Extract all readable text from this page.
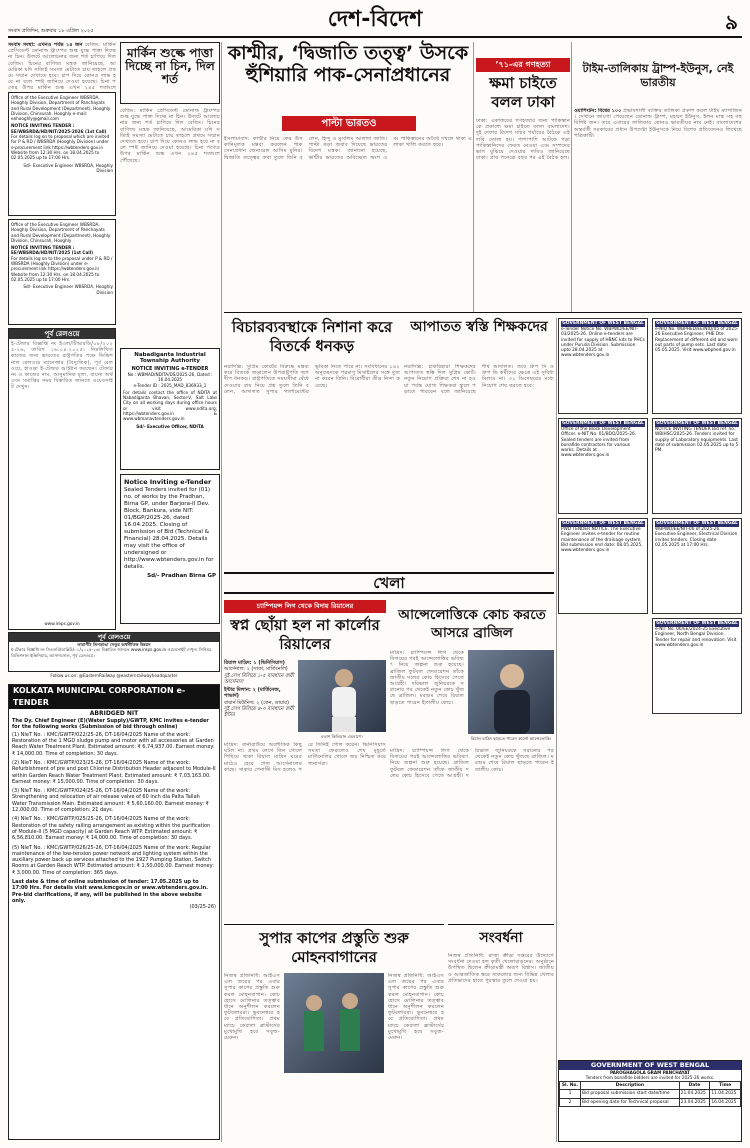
সংবাদ প্রতিদিন, শুক্রবার ১৮ এপ্রিল ২০২৫	দেশ-বিদেশ	৯
সংবাদ সংস্থা: এখনও পর্যন্ত ১৪ জন বেজিং: মার্কিন প্রেসিডেন্ট ডোনাল্ড ট্রাম্পের শুল্ক যুদ্ধে পাত্তা দিচ্ছে না চিন। উলটে আলোচনার জন্য শর্ত চাপিয়ে দিল বেজিং। চিনের বাণিজ্য মন্ত্রক জানিয়েছে, আমেরিকা যদি সত্যিই সমস্যা মেটাতে চায় তাহলে প্রথমে সম্মান দেখাতে হবে। চাপ দিয়ে কোনও লাভ হবে না বলে স্পষ্ট জানিয়ে দেওয়া হয়েছে। চিনা পণ্যের উপর মার্কিন শুল্ক এখন ২৪৫ শতাংশে
Office of the Executive Engineer WBSRDA, Hooghly Division, Department of Panchayats and Rural Development (Department), Hooghly Division, Chinsurah, Hooghly e-mail: eehooghly@gmail.com
NOTICE INVITING TENDER : EE/WBSRDA/HD/NIT/2025-2026 (1st Call)
For details log on to proposal which are invited for P & RD / WBSRDA (Hooghly Division) under e-procurement link https://wbtenders.gov.in Website from 12:30 Hrs. on 18.04.2025 to 02.05.2025 up to 17:00 Hrs.
Sd/- Executive Engineer WBSRDA, Hooghly Division
Office of the Executive Engineer WBSRDA, Hooghly Division, Department of Panchayats and Rural Development (Department), Hooghly Division, Chinsurah, Hooghly
NOTICE INVITING TENDER : EE/WBSRDA/HD/NIT/2025 (1st Call)
For details log on to the proposal under P & RD / WBSRDA (Hooghly Division) under e-procurement link https://wbtenders.gov.in Website from 12:30 Hrs. on 18.04.2025 to 02.05.2025 up to 17:00 Hrs.
Sd/- Executive Engineer WBSRDA, Hooghly Division
পূর্ব রেলওয়ে
ই-টেন্ডার বিজ্ঞপ্তি নং ইএল/টিআরডি/০৮/২০২৫-২৬, তারিখ ১৬.০৪.২০২৫। নিম্নলিখিত কাজের জন্য ভারতের রাষ্ট্রপতির পক্ষে ডিভিশনাল রেলওয়ে ম্যানেজার (বৈদ্যুতিক), পূর্ব রেলওয়ে, হাওড়া ই-টেন্ডার আহ্বান করছেন। টেন্ডার নং ও কাজের নাম, আনুমানিক মূল্য, বায়না অর্থ এবং সমাপ্তির সময় বিস্তারিত জানতে ওয়েবসাইট দেখুন।
www.ireps.gov.in
মার্কিন শুল্কে পাত্তা দিচ্ছে না চিন, দিল শর্ত
বেজিং: মার্কিন প্রেসিডেন্ট ডোনাল্ড ট্রাম্পের শুল্ক যুদ্ধে পাত্তা দিচ্ছে না চিন। উলটে আলোচনার জন্য শর্ত চাপিয়ে দিল বেজিং। চিনের বাণিজ্য মন্ত্রক জানিয়েছে, আমেরিকা যদি সত্যিই সমস্যা মেটাতে চায় তাহলে প্রথমে সম্মান দেখাতে হবে। চাপ দিয়ে কোনও লাভ হবে না বলে স্পষ্ট জানিয়ে দেওয়া হয়েছে। চিনা পণ্যের উপর মার্কিন শুল্ক এখন ২৪৫ শতাংশে পৌঁছেছে।
Nabadiganta Industrial Township Authority
NOTICE INVITING e-TENDER
No : WBMAD/NDITA/DS/2025-26, Dated : 16.04.2025
e-Tender ID : 2025_MAD_836933_1
For details contact the office of NDITA at Nabadiganta Bhavan, Sector-V, Salt Lake City on all working days during office hours or visit www.ndita.org, https://wbtenders.gov.in & www.wbmanavtenders.gov.in
Sd/- Executive Officer, NDITA
Notice Inviting e-Tender
Sealed Tenders invited for (01) no. of works by the Pradhan, Birna GP, under Barjora-II Dev. Block, Bankura, vide NIT: 01/BGP/2025-26, dated 16.04.2025. Closing of submission of Bid (Technical & Financial) 28.04.2025. Details may visit the office of undersigned or http://www.wbtenders.gov.in for details.
Sd/- Pradhan Birna GP
পূর্ব রেলওয়ে
তারাপীঠ তিনডাঙা সেতুর অর্থনীতিক উন্নয়ন
ই-টেন্ডার বিজ্ঞপ্তি নং সিএলবি/ডাব্লিউ/০১/২০২৫-২৬। বিস্তারিত জানতে www.ireps.gov.in ওয়েবসাইট দেখুন। সিনিয়র ডিভিশনাল ইঞ্জিনিয়ার, আসানসোল, পূর্ব রেলওয়ে।
Follow us on: @EasternRailway @easternrailwayheadquarter
KOLKATA MUNICIPAL CORPORATION e-TENDER
ABRIDGED NIT
The Dy. Chief Engineer (E)(Water Supply)/GWTP, KMC invites e-tender for the following works (Submission of bid through online)
(1) NIeT No. : KMC/GWTP/022/25-26, DT-16/04/2025 Name of the work: Restoration of the 1 MGD sludge pump and motor with all accessories at Garden Reach Water Treatment Plant. Estimated amount: ₹ 6,74,937.00. Earnest money: ₹ 14,000.00. Time of completion: 30 days.
(2) NIeT No. : KMC/GWTP/023/25-26, DT-16/04/2025 Name of the work: Refurbishment of pre and post Chlorine Distribution Header adjacent to Module-II within Garden Reach Water Treatment Plant. Estimated amount: ₹ 7,03,163.00. Earnest money: ₹ 15,000.00. Time of completion: 30 days.
(3) NIeT No. : KMC/GWTP/024/25-26, DT-16/04/2025 Name of the work: Strengthening and relocation of air release valve of 60 inch dia Palta Tallah Water Transmission Main. Estimated amount: ₹ 5,60,160.00. Earnest money: ₹ 12,000.00. Time of completion: 21 days.
(4) NIeT No. : KMC/GWTP/025/25-26, DT-16/04/2025 Name of the work: Restoration of the safety railing arrangement as existing within the purification of Module-II (5 MGD capacity) at Garden Reach WTP. Estimated amount: ₹ 6,56,810.00. Earnest money: ₹ 14,000.00. Time of completion: 30 days.
(5) NIeT No. : KMC/GWTP/026/25-26, DT-16/04/2025 Name of the work: Regular maintenance of the low-tension power network and lighting system within the auxiliary power back up services attached to the 1927 Pumping Station, Switch Rooms at Garden Reach WTP. Estimated amount: ₹ 1,50,000.00. Earnest money: ₹ 3,000.00. Time of completion: 365 days.
Last date & time of online submission of tender: 17.05.2025 up to 17:00 Hrs. For details visit www.kmcgov.in or www.wbtenders.gov.in. Pre-bid clarifications, if any, will be published in the above website only.
(03/25-26)
কাশ্মীর, ‘দ্বিজাতি তত্ত্ব’ উসকে হুঁশিয়ারি পাক-সেনাপ্রধানের
পাল্টা ভারতও
ইসলামাবাদ: কাশ্মীর নিয়ে ফের উসকানিমূলক মন্তব্য করলেন পাক সেনাপ্রধান জেনারেল আসিম মুনির। দ্বিজাতি তত্ত্বের কথা তুলে তিনি বলেন, হিন্দু ও মুসলিম আলাদা জাতি। পাল্টা কড়া জবাব দিয়েছে ভারতের বিদেশ মন্ত্রক। জানানো হয়েছে, কাশ্মীর ভারতের অবিচ্ছেদ্য অংশ এবং পাকিস্তানের অবৈধ দখলে থাকা এলাকা খালি করতে হবে।
’৭১-এর গণহত্যা
ক্ষমা চাইতে বলল ঢাকা
ঢাকা: একাত্তরের গণহত্যার জন্য পাকিস্তানকে প্রকাশ্যে ক্ষমা চাইতে বলল বাংলাদেশ। দুই দেশের বিদেশ সচিব পর্যায়ের বৈঠকে এই দাবি তোলা হয়। পাশাপাশি আটকে পড়া পাকিস্তানিদের ফেরত নেওয়া এবং সম্পদের ভাগ বুঝিয়ে দেওয়ার দাবিও জানিয়েছে ঢাকা। প্রায় পনেরো বছর পর এই বৈঠক হল।
টাইম-তালিকায় ট্রাম্প-ইউনুস, নেই ভারতীয়
ওয়াশিংটন: বিশ্বের ১০০ প্রভাবশালী ব্যক্তির তালিকা প্রকাশ করল টাইম ম্যাগাজিন। সেখানে জায়গা পেয়েছেন ডোনাল্ড ট্রাম্প, মহম্মদ ইউনুস, ইলন মাস্ক সহ বহু বিশিষ্ট জন। তবে এবারের তালিকায় কোনও ভারতীয়র নাম নেই। বাংলাদেশের অন্তর্বর্তী সরকারের প্রধান উপদেষ্টা ইউনুসকে নিয়ে বিশেষ প্রতিবেদনও লিখেছে পত্রিকাটি।
GOVERNMENT OF WEST BENGAL
e-Tender Notice No. WBPWD/EE/NIT-03/2025-26. Online e-tenders are invited for supply of HBNC kits to PHCs under Purulia Division. Submission upto 28.04.2025 at www.wbtenders.gov.in
GOVERNMENT OF WEST BENGAL
e-NIQ No. WBPHED/EE/NIQ/05 of 2025-26 Executive Engineer, PHE Dte. Replacement of different old and worn out parts of pump sets. Last date 05.05.2025. Visit www.wbphed.gov.in
GOVERNMENT OF WEST BENGAL
Office of the Block Development Officer. e-NIT No. 01/BDO/2025-26. Sealed tenders are invited from bonafide contractors for various works. Details at www.wbtenders.gov.in
GOVERNMENT OF WEST BENGAL
NOTICE INVITING TENDER Bid ref. no.: WBIHSC/2025-26. Tenders invited for supply of Laboratory equipments. Last date of submission 02.05.2025 up to 5 PM.
GOVERNMENT OF WEST BENGAL
PWD TENDER NOTICE. The Executive Engineer invites e-tender for routine maintenance of the drainage system. Bid submission end date: 08.05.2025. www.wbtenders.gov.in
GOVERNMENT OF WEST BENGAL
WBPWD/EE/NIT-06 of 2025-26. Executive Engineer, Electrical Division invites tenders. Closing date 02.05.2025 at 17:00 Hrs.
GOVERNMENT OF WEST BENGAL
e-NIT No. 06/EE/2024-25 Executive Engineer, North Bengal Division. Tender for repair and renovation. Visit www.wbtenders.gov.in
বিচারব্যবস্থাকে নিশানা করে বিতর্কে ধনকড়
নয়াদিল্লি: সুপ্রিম কোর্টের বিরুদ্ধে মন্তব্য করে বিতর্কে জড়ালেন উপরাষ্ট্রপতি জগদীপ ধনকড়। রাষ্ট্রপতিকে সময়সীমা বেঁধে দেওয়ার রায় নিয়ে প্রশ্ন তুলে তিনি বলেন, আদালত সুপার পার্লামেন্টের ভূমিকা নিতে পারে না। সংবিধানের ১৪২ অনুচ্ছেদকে পরমাণু মিসাইলের সঙ্গে তুলনা করেন তিনি। বিরোধীরা তীব্র নিন্দা করেছে।
আপাতত স্বস্তি শিক্ষকদের
নয়াদিল্লি: চাকরিহারা শিক্ষকদের আপাতত স্বস্তি দিল সুপ্রিম কোর্ট। নতুন নিয়োগ প্রক্রিয়া শেষ না হওয়া পর্যন্ত যোগ্য শিক্ষকরা স্কুলে পড়াতে পারবেন বলে জানিয়েছে শীর্ষ আদালত। তবে গ্রুপ সি ও গ্রুপ ডি কর্মীদের ক্ষেত্রে এই সুবিধা মিলবে না। ৩১ ডিসেম্বরের মধ্যে নিয়োগ শেষ করতে হবে।
খেলা
চ্যাম্পিয়ন্স লিগ থেকে বিদায় রিয়ালের
স্বপ্ন ছোঁয়া হল না কার্লোর রিয়ালের
রিয়াল মাদ্রিদ: ১ (ভিনিসিয়াস)
আর্সেনাল: ২ (সাকা, মার্তিনেলি)
দুই লেগ মিলিয়ে ১-৫ ব্যবধানে জয়ী আর্সেনাল
ইন্টার মিলান: ২ (মার্তিনেজ, পাভার্দ)
বায়ার্ন মিউনিখ: ২ (কেন, ডায়ার)
দুই লেগ মিলিয়ে ৪-৩ ব্যবধানে জয়ী ইন্টার
হতাশ কিলিয়ান এমবাপে।
মাদ্রিদ: বার্নাবাউয়ে অলৌকিক কিছু ঘটল না। প্রথম লেগে তিন গোলে পিছিয়ে থাকা রিয়াল মাদ্রিদ ঘরের মাঠেও হেরে গেল আর্সেনালের কাছে। সাকার পেনাল্টি মিস হলেও পরে তিনিই গোল করেন। ভিনিসিয়াস সমতা ফেরালেও শেষ মুহূর্তে মার্তিনেলির গোলে জয় নিশ্চিত করে গানার্সরা।
আন্সেলোত্তিকে কোচ করতে আসরে ব্রাজিল
মাদ্রিদ: চ্যাম্পিয়ন্স লিগ থেকে বিদায়ের পরই আন্সেলোত্তির ভবিষ্যৎ নিয়ে জল্পনা শুরু হয়েছে। ব্রাজিল ফুটবল ফেডারেশন তাঁকে জাতীয় দলের কোচ হিসেবে পেতে আগ্রহী। দরিভাল জুনিয়রকে সরানোর পর থেকেই নতুন কোচ খুঁজছে ব্রাজিল। মরশুম শেষে রিয়াল ছাড়তে পারেন ইতালীয় কোচ।
রিয়াল মাদ্রিদ ছাড়তে পারেন কার্লো আন্সেলোত্তি।
মাদ্রিদ: চ্যাম্পিয়ন্স লিগ থেকে বিদায়ের পরই আন্সেলোত্তির ভবিষ্যৎ নিয়ে জল্পনা শুরু হয়েছে। ব্রাজিল ফুটবল ফেডারেশন তাঁকে জাতীয় দলের কোচ হিসেবে পেতে আগ্রহী। দরিভাল জুনিয়রকে সরানোর পর থেকেই নতুন কোচ খুঁজছে ব্রাজিল। মরশুম শেষে রিয়াল ছাড়তে পারেন ইতালীয় কোচ।
সুপার কাপের প্রস্তুতি শুরু মোহনবাগানের
নিজস্ব প্রতিনিধি: আইএসএল জয়ের পর এবার সুপার কাপের প্রস্তুতি শুরু করল মোহনবাগান। কোচ হোসে মোলিনার তত্ত্বাবধানে অনুশীলন করলেন ফুটবলাররা। ভুবনেশ্বরে হবে প্রতিযোগিতা। প্রথম ম্যাচে কেরালা ব্লাস্টার্সের মুখোমুখি হবে সবুজ-মেরুন।
নিজস্ব প্রতিনিধি: আইএসএল জয়ের পর এবার সুপার কাপের প্রস্তুতি শুরু করল মোহনবাগান। কোচ হোসে মোলিনার তত্ত্বাবধানে অনুশীলন করলেন ফুটবলাররা। ভুবনেশ্বরে হবে প্রতিযোগিতা। প্রথম ম্যাচে কেরালা ব্লাস্টার্সের মুখোমুখি হবে সবুজ-মেরুন।
সংবর্ধনা
নিজস্ব প্রতিনিধি: রাজ্য ক্রীড়া দপ্তরের উদ্যোগে সংবর্ধনা দেওয়া হল কৃতী খেলোয়াড়দের। অনুষ্ঠানে উপস্থিত ছিলেন ক্রীড়ামন্ত্রী অরূপ বিশ্বাস। জাতীয় ও আন্তর্জাতিক স্তরে সাফল্যের জন্য বিভিন্ন খেলার প্রতিভাদের হাতে পুরস্কার তুলে দেওয়া হয়।
GOVERNMENT OF WEST BENGAL
PAROGHAGOLA GRAM PANCHAYAT
Tenders from bonafide bidders are invited for 2025-26 works.
Sl. No.	Description	Date	Time
1	Bid proposal submission start date/time	21.04.2025	11.04.2025
2	Bid opening date for Technical proposal	23.04.2025	16.04.2025
